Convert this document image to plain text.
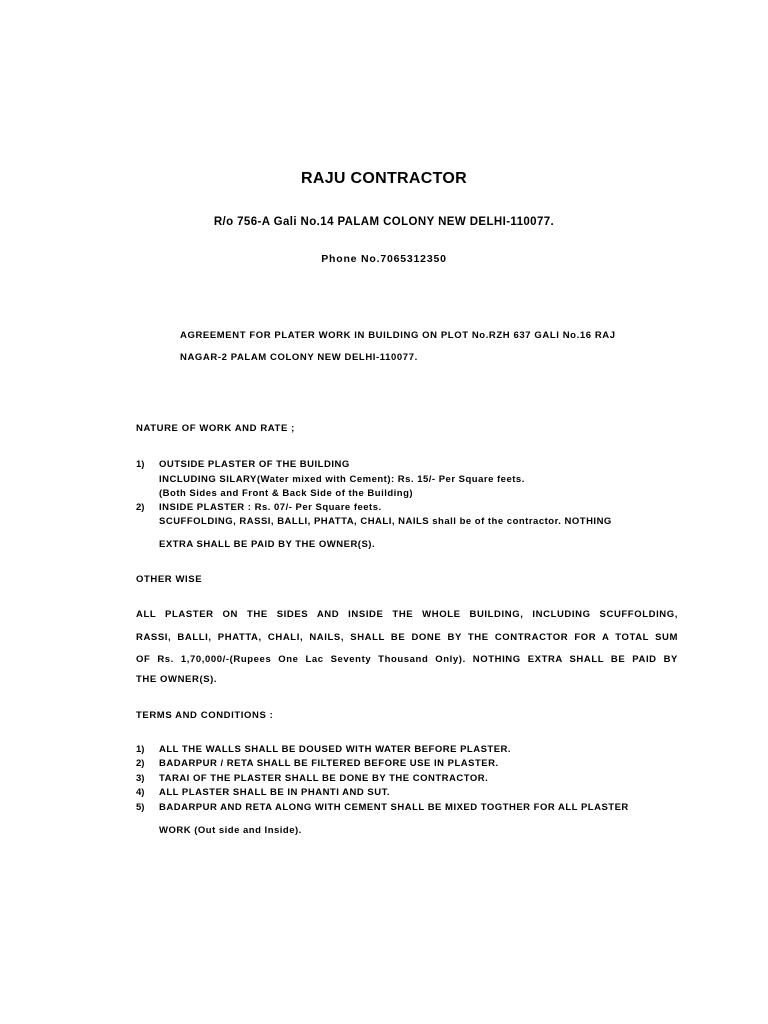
RAJU CONTRACTOR
R/o 756-A Gali No.14 PALAM COLONY NEW DELHI-110077.
Phone No.7065312350
AGREEMENT FOR PLATER WORK IN BUILDING ON PLOT No.RZH 637 GALI No.16 RAJ
NAGAR-2 PALAM COLONY NEW DELHI-110077.
NATURE OF WORK AND RATE ;
1) OUTSIDE PLASTER OF THE BUILDING
INCLUDING SILARY(Water mixed with Cement): Rs. 15/- Per Square feets.
(Both Sides and Front & Back Side of the Building)
2) INSIDE PLASTER : Rs. 07/- Per Square feets.
SCUFFOLDING, RASSI, BALLI, PHATTA, CHALI, NAILS shall be of the contractor. NOTHING
EXTRA SHALL BE PAID BY THE OWNER(S).
OTHER WISE
ALL PLASTER ON THE SIDES AND INSIDE THE WHOLE BUILDING, INCLUDING SCUFFOLDING,
RASSI, BALLI, PHATTA, CHALI, NAILS, SHALL BE DONE BY THE CONTRACTOR FOR A TOTAL SUM
OF Rs. 1,70,000/-(Rupees One Lac Seventy Thousand Only). NOTHING EXTRA SHALL BE PAID BY
THE OWNER(S).
TERMS AND CONDITIONS :
1) ALL THE WALLS SHALL BE DOUSED WITH WATER BEFORE PLASTER.
2) BADARPUR / RETA SHALL BE FILTERED BEFORE USE IN PLASTER.
3) TARAI OF THE PLASTER SHALL BE DONE BY THE CONTRACTOR.
4) ALL PLASTER SHALL BE IN PHANTI AND SUT.
5) BADARPUR AND RETA ALONG WITH CEMENT SHALL BE MIXED TOGTHER FOR ALL PLASTER
WORK (Out side and Inside).
